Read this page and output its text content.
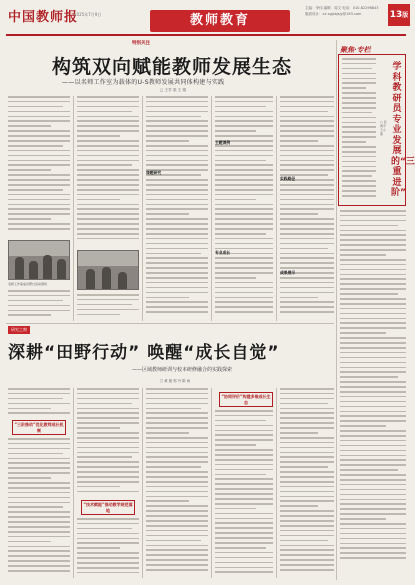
中国教师报
2025年7月9日	教师教育
主编：李伟 编辑：周文 电话：010-82296843
版面设计：xx zgjsbjsjy@163.com	13版
特别关注
构筑双向赋能教师发展生态
——以名师工作室为载体的U-S教师发展共同体构建与实践
□ 王学 梁 王 娟
名师工作室成员研讨活动现场
课题研究
主题课例
专业成长
实践路径
成果展示
聚焦·专栏
学科教研员专业发展的“三重进阶”
□ 张建平 王小燕
研究之窗
深耕“田野行动” 唤醒“成长自觉”
——区域教师研训与校本研修融合的实践探索
□ 黄 艳 郭 丹 陈 雨
“三阶推动”优化教师成长机制
“技术赋能”推动教学规范落地
“协同评价”构建多维成长生态
